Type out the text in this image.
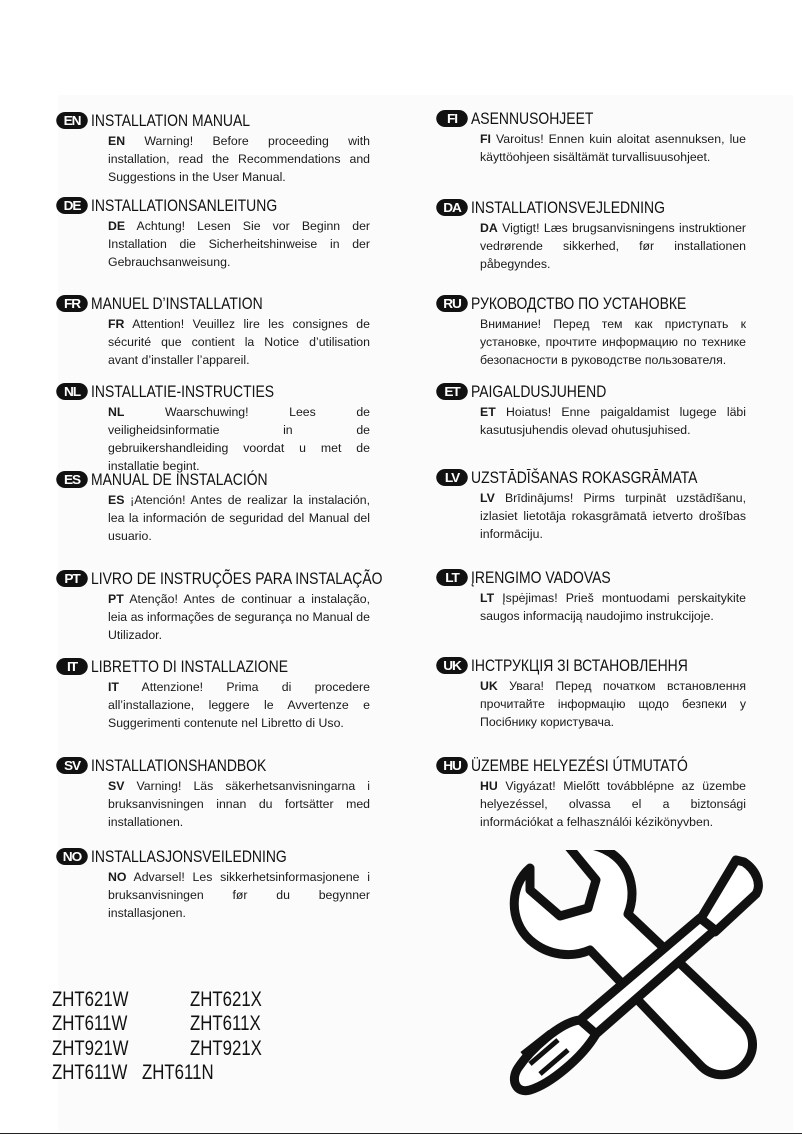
EN INSTALLATION MANUAL
EN Warning! Before proceeding with installation, read the Recommendations and Suggestions in the User Manual.
DE INSTALLATIONSANLEITUNG
DE Achtung! Lesen Sie vor Beginn der Installation die Sicherheitshinweise in der Gebrauchsanweisung.
FR MANUEL D’INSTALLATION
FR Attention! Veuillez lire les consignes de sécurité que contient la Notice d’utilisation avant d’installer l’appareil.
NL INSTALLATIE-INSTRUCTIES
NL	Waarschuwing! Lees de veiligheidsinformatie in de gebruikershandleiding voordat u met de installatie begint.
ES MANUAL DE INSTALACIÓN
ES ¡Atención! Antes de realizar la instalación, lea la información de seguridad del Manual del usuario.
PT LIVRO DE INSTRUÇÕES PARA INSTALAÇÃO
PT Atenção! Antes de continuar a instalação, leia as informações de segurança no Manual de Utilizador.
IT LIBRETTO DI INSTALLAZIONE
IT Attenzione! Prima di procedere all’installazione, leggere le Avvertenze e Suggerimenti contenute nel Libretto di Uso.
SV INSTALLATIONSHANDBOK
SV Varning! Läs säkerhetsanvisningarna i bruksanvisningen innan du fortsätter med installationen.
NO INSTALLASJONSVEILEDNING
NO Advarsel! Les sikkerhetsinformasjonene i bruksanvisningen før du begynner installasjonen.
FI ASENNUSOHJEET
FI Varoitus! Ennen kuin aloitat asennuksen, lue käyttöohjeen sisältämät turvallisuusohjeet.
DA INSTALLATIONSVEJLEDNING
DA Vigtigt! Læs brugsanvisningens instruktioner vedrørende sikkerhed, før installationen påbegyndes.
RU РУКОВОДСТВО ПО УСТАНОВКЕ
Внимание! Перед тем как приступать к установке, прочтите информацию по технике безопасности в руководстве пользователя.
ET PAIGALDUSJUHEND
ET Hoiatus! Enne paigaldamist lugege läbi kasutusjuhendis olevad ohutusjuhised.
LV UZSTĀDĪŠANAS ROKASGRĀMATA
LV Brīdinājums! Pirms turpināt uzstādīšanu, izlasiet lietotāja rokasgrāmatā ietverto drošības informāciju.
LT ĮRENGIMO VADOVAS
LT Įspėjimas! Prieš montuodami perskaitykite saugos informaciją naudojimo instrukcijoje.
UK ІНСТРУКЦІЯ ЗІ ВСТАНОВЛЕННЯ
UK Увага! Перед початком встановлення прочитайте інформацію щодо безпеки у Посібнику користувача.
HU ÜZEMBE HELYEZÉSI ÚTMUTATÓ
HU Vigyázat! Mielőtt továbblépne az üzembe helyezéssel, olvassa el a biztonsági információkat a felhasználói kézikönyvben.
ZHT621W	ZHT621X
ZHT611W	ZHT611X
ZHT921W	ZHT921X
ZHT611W ZHT611N
